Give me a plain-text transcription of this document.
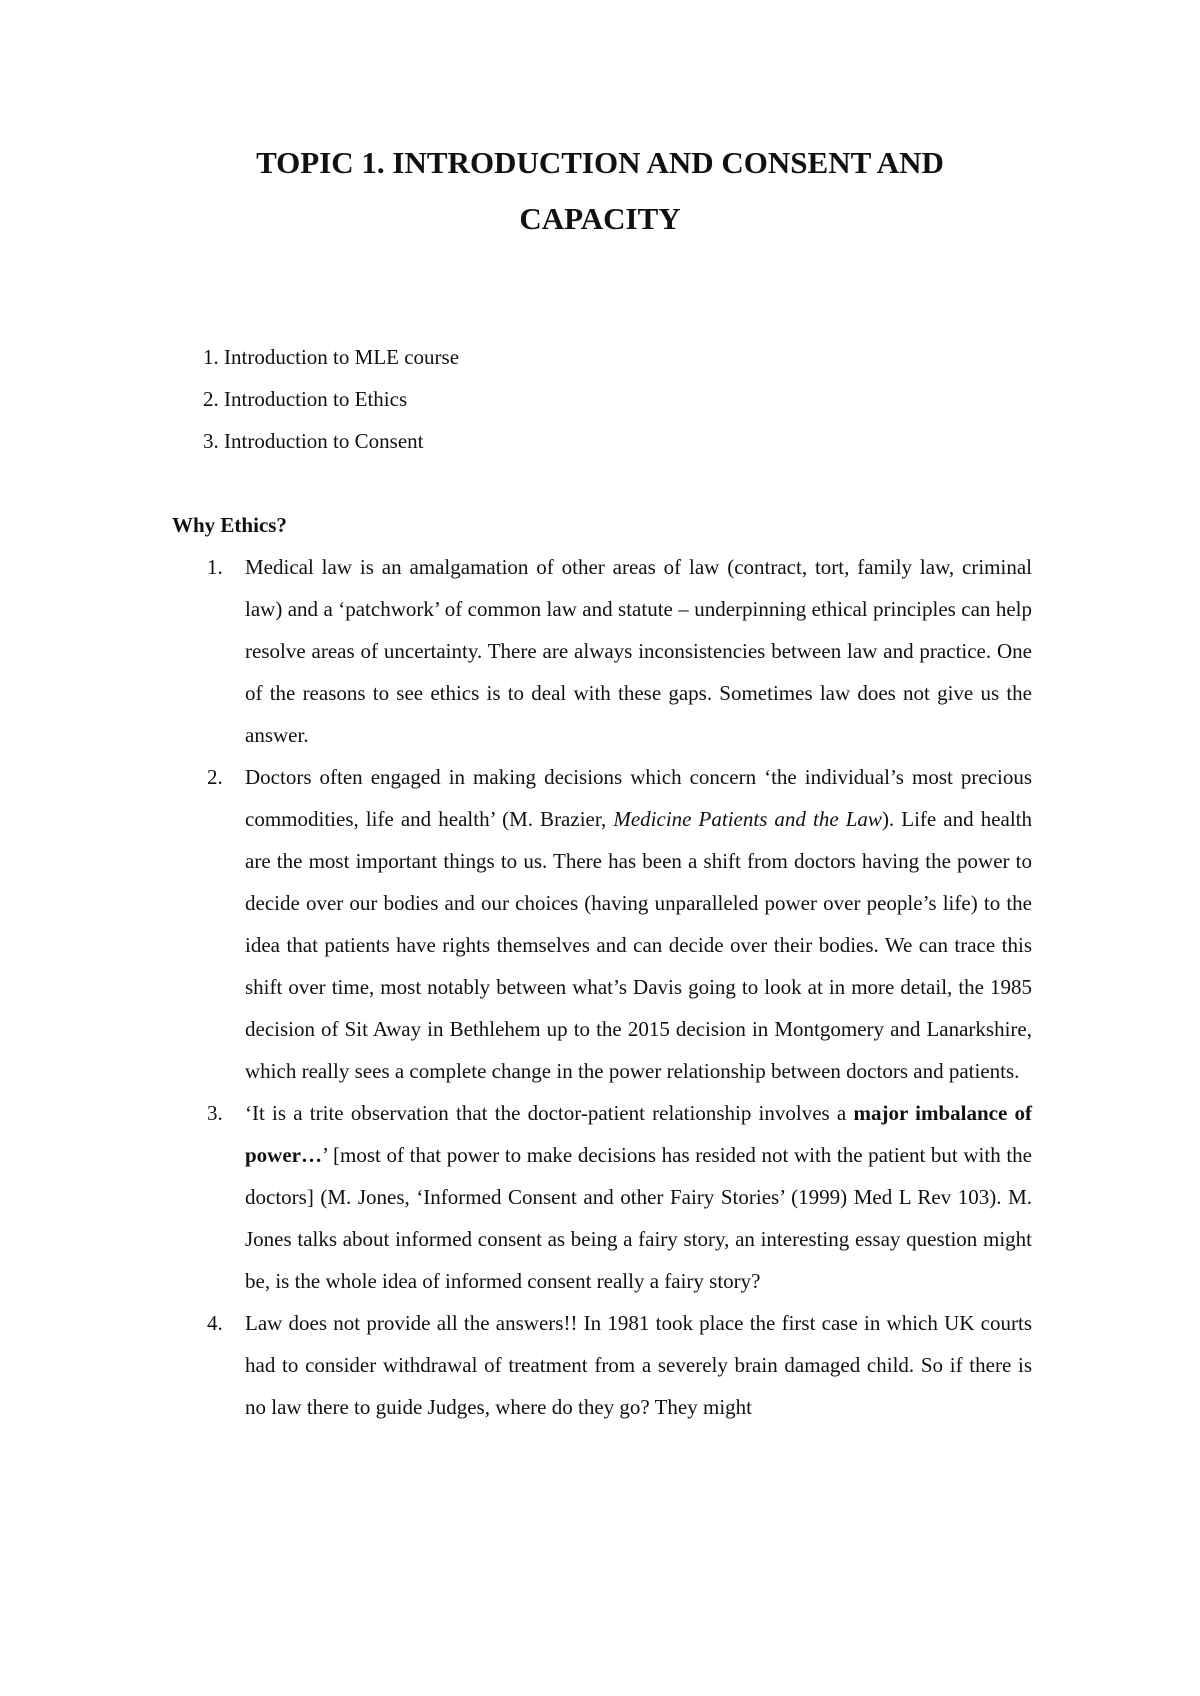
TOPIC 1. INTRODUCTION AND CONSENT AND
CAPACITY
1. Introduction to MLE course
2. Introduction to Ethics
3. Introduction to Consent
Why Ethics?
1. Medical law is an amalgamation of other areas of law (contract, tort, family law, criminal law) and a ‘patchwork’ of common law and statute – underpinning ethical principles can help resolve areas of uncertainty. There are always inconsistencies between law and practice. One of the reasons to see ethics is to deal with these gaps. Sometimes law does not give us the answer.
2. Doctors often engaged in making decisions which concern ‘the individual’s most precious commodities, life and health’ (M. Brazier, Medicine Patients and the Law). Life and health are the most important things to us. There has been a shift from doctors having the power to decide over our bodies and our choices (having unparalleled power over people’s life) to the idea that patients have rights themselves and can decide over their bodies. We can trace this shift over time, most notably between what’s Davis going to look at in more detail, the 1985 decision of Sit Away in Bethlehem up to the 2015 decision in Montgomery and Lanarkshire, which really sees a complete change in the power relationship between doctors and patients.
3. ‘It is a trite observation that the doctor-patient relationship involves a major imbalance of power…’ [most of that power to make decisions has resided not with the patient but with the doctors] (M. Jones, ‘Informed Consent and other Fairy Stories’ (1999) Med L Rev 103). M. Jones talks about informed consent as being a fairy story, an interesting essay question might be, is the whole idea of informed consent really a fairy story?
4. Law does not provide all the answers!! In 1981 took place the first case in which UK courts had to consider withdrawal of treatment from a severely brain damaged child. So if there is no law there to guide Judges, where do they go? They might
